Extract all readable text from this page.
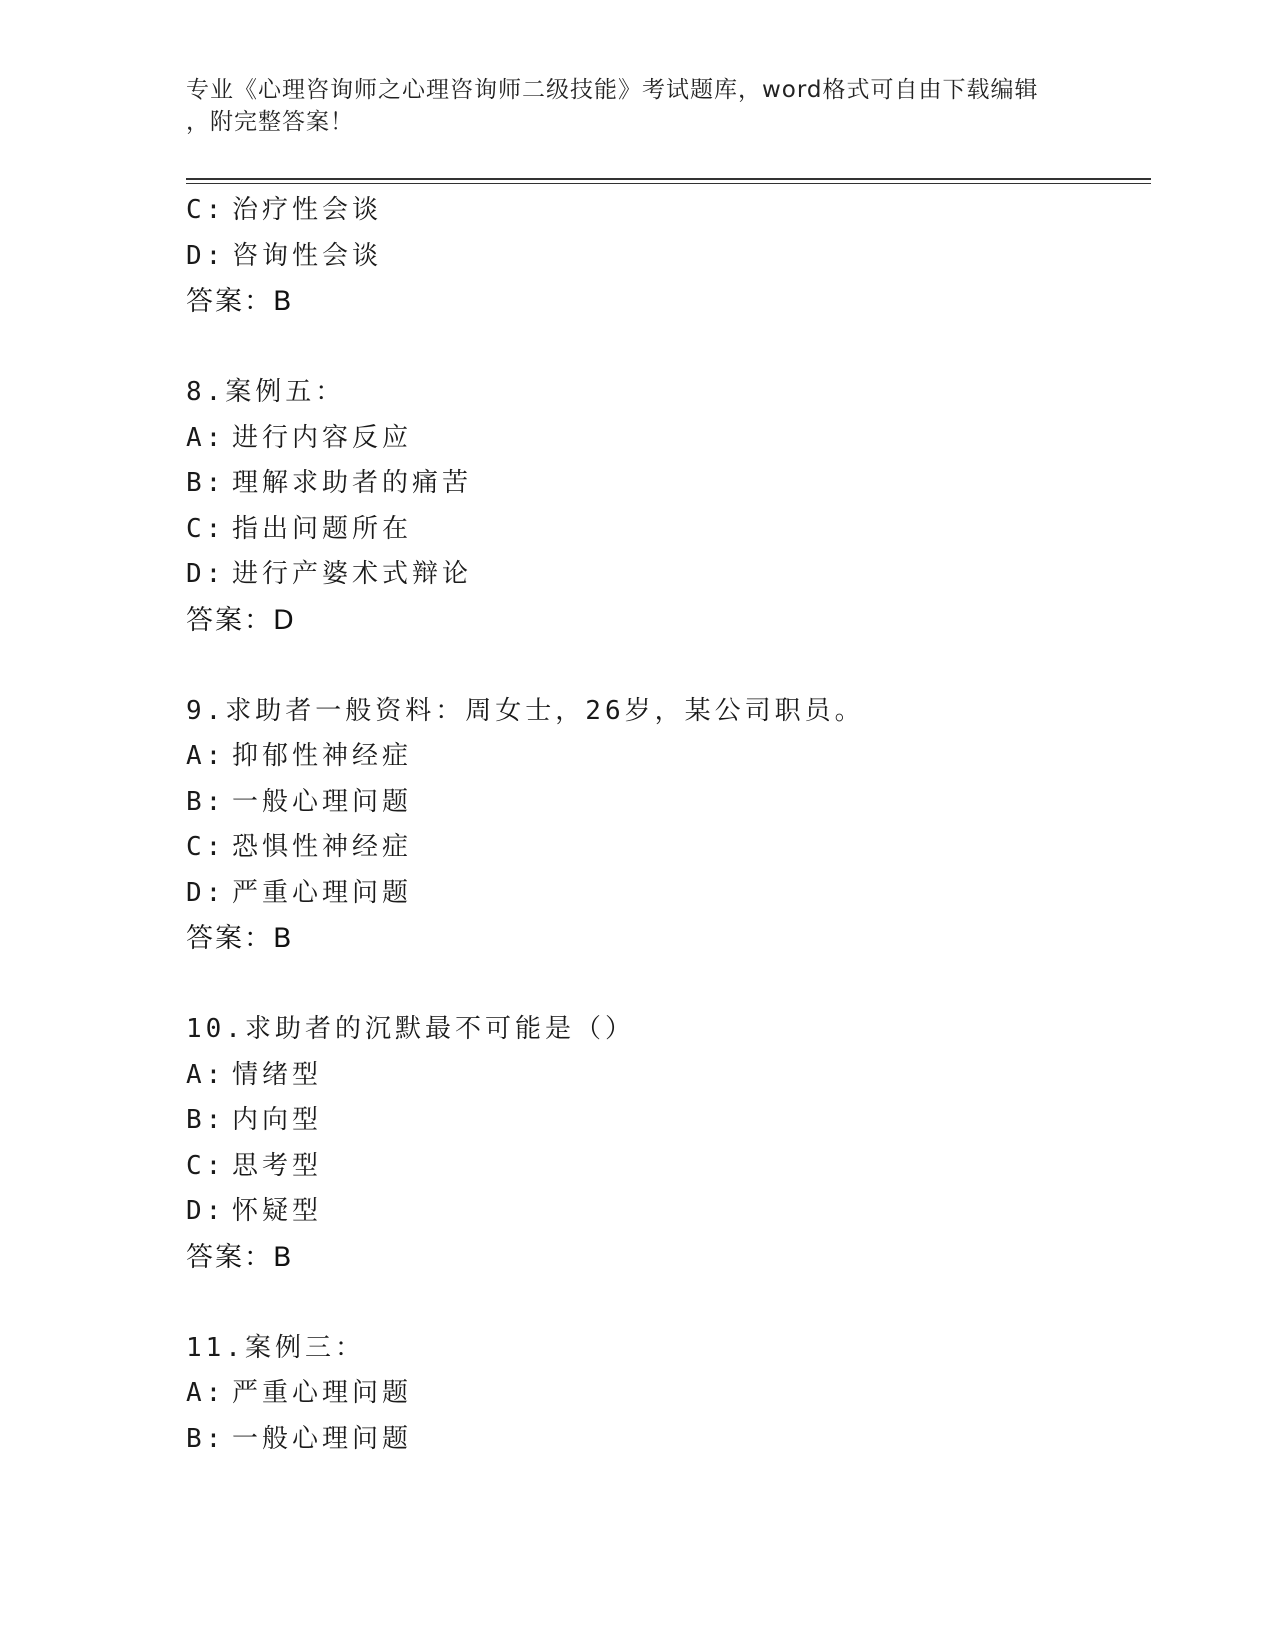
专业《心理咨询师之心理咨询师二级技能》考试题库，word格式可自由下载编辑
，附完整答案！
C: 治疗性会谈
D: 咨询性会谈
答案：B
8.案例五：
A: 进行内容反应
B: 理解求助者的痛苦
C: 指出问题所在
D: 进行产婆术式辩论
答案：D
9.求助者一般资料：周女士，26岁，某公司职员。
A: 抑郁性神经症
B: 一般心理问题
C: 恐惧性神经症
D: 严重心理问题
答案：B
10.求助者的沉默最不可能是（）
A: 情绪型
B: 内向型
C: 思考型
D: 怀疑型
答案：B
11.案例三：
A: 严重心理问题
B: 一般心理问题
